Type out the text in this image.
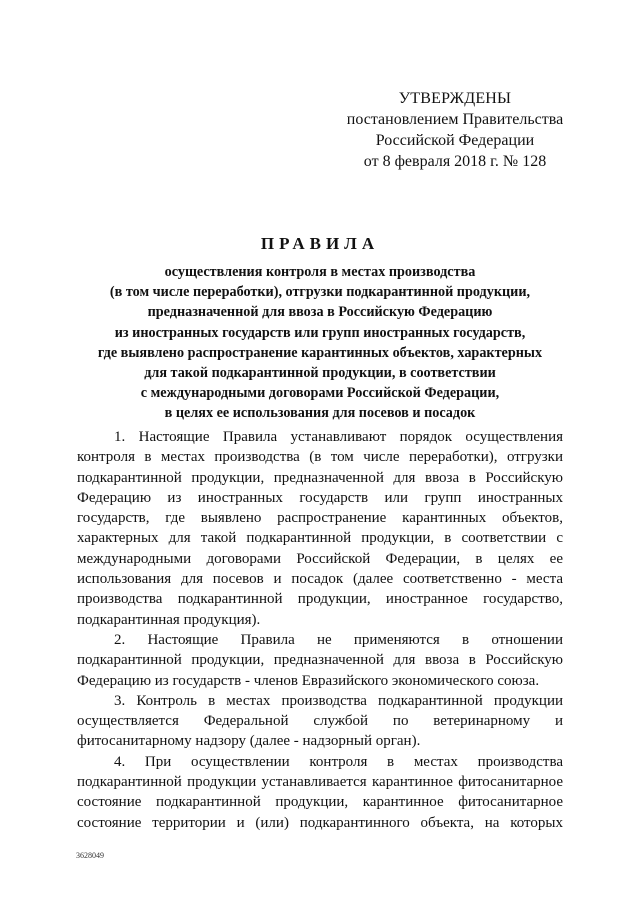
УТВЕРЖДЕНЫ
постановлением Правительства
Российской Федерации
от 8 февраля 2018 г. № 128
ПРАВИЛА
осуществления контроля в местах производства
(в том числе переработки), отгрузки подкарантинной продукции,
предназначенной для ввоза в Российскую Федерацию
из иностранных государств или групп иностранных государств,
где выявлено распространение карантинных объектов, характерных
для такой подкарантинной продукции, в соответствии
с международными договорами Российской Федерации,
в целях ее использования для посевов и посадок
1. Настоящие Правила устанавливают порядок осуществления
контроля в местах производства (в том числе переработки), отгрузки
подкарантинной продукции, предназначенной для ввоза в Российскую
Федерацию из иностранных государств или групп иностранных
государств, где выявлено распространение карантинных объектов,
характерных для такой подкарантинной продукции, в соответствии с
международными договорами Российской Федерации, в целях ее
использования для посевов и посадок (далее соответственно - места
производства подкарантинной продукции, иностранное государство,
подкарантинная продукция).
2. Настоящие Правила не применяются в отношении
подкарантинной продукции, предназначенной для ввоза в Российскую
Федерацию из государств - членов Евразийского экономического союза.
3. Контроль в местах производства подкарантинной продукции
осуществляется Федеральной службой по ветеринарному и
фитосанитарному надзору (далее - надзорный орган).
4. При осуществлении контроля в местах производства
подкарантинной продукции устанавливается карантинное фитосанитарное
состояние подкарантинной продукции, карантинное фитосанитарное
состояние территории и (или) подкарантинного объекта, на которых
3628049
